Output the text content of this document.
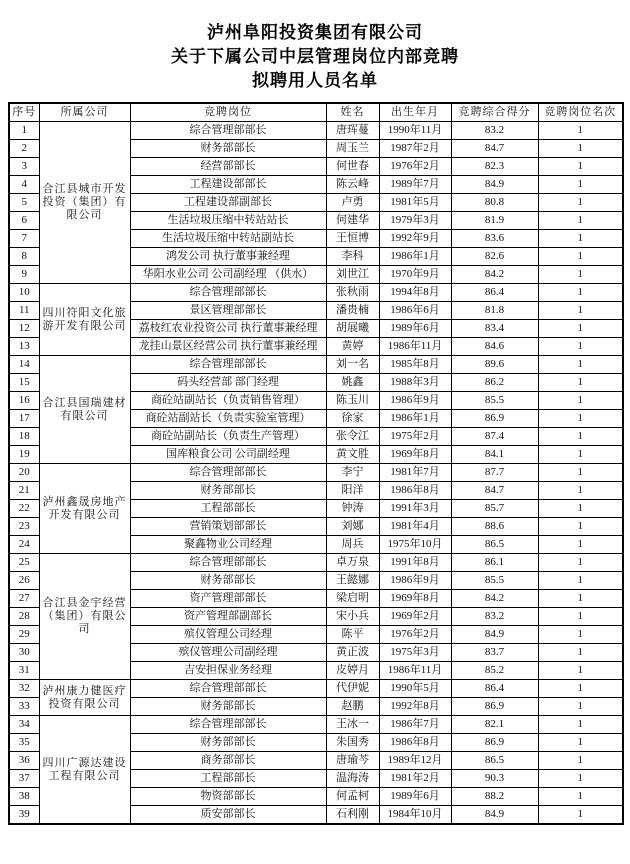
泸州阜阳投资集团有限公司
关于下属公司中层管理岗位内部竞聘
拟聘用人员名单
序号	所属公司	竞聘岗位	姓名	出生年月	竞聘综合得分	竞聘岗位名次
1	合江县城市开发投资（集团）有限公司	综合管理部部长	唐珲蔓	1990年11月	83.2	1
2		财务部部长	周玉兰	1987年2月	84.7	1
3		经营部部长	何世春	1976年2月	82.3	1
4		工程建设部部长	陈云峰	1989年7月	84.9	1
5		工程建设部副部长	卢勇	1981年5月	80.8	1
6		生活垃圾压缩中转站站长	何建华	1979年3月	81.9	1
7		生活垃圾压缩中转站副站长	王恒博	1992年9月	83.6	1
8		鸿发公司 执行董事兼经理	李科	1986年1月	82.6	1
9		华阳水业公司 公司副经理 （供水）	刘世江	1970年9月	84.2	1
10	四川符阳文化旅游开发有限公司	综合管理部部长	张秋雨	1994年8月	86.4	1
11		景区管理部部长	潘贵楠	1986年6月	81.8	1
12		荔枝红农业投资公司 执行董事兼经理	胡展曦	1989年6月	83.4	1
13		龙挂山景区经营公司 执行董事兼经理	黄婷	1986年11月	84.6	1
14	合江县国瑞建材有限公司	综合管理部部长	刘一名	1985年8月	89.6	1
15		码头经营部 部门经理	姚鑫	1988年3月	86.2	1
16		商砼站副站长（负责销售管理）	陈玉川	1986年9月	85.5	1
17		商砼站副站长（负责实验室管理）	徐家	1986年1月	86.9	1
18		商砼站副站长（负责生产管理）	张令江	1975年2月	87.4	1
19		国库粮食公司 公司副经理	黄文胜	1969年8月	84.1	1
20	泸州鑫晟房地产开发有限公司	综合管理部部长	李宁	1981年7月	87.7	1
21		财务部部长	阳洋	1986年8月	84.7	1
22		工程部部长	钟涛	1991年3月	85.7	1
23		营销策划部部长	刘娜	1981年4月	88.6	1
24		聚鑫物业公司经理	周兵	1975年10月	86.5	1
25	合江县金宇经营（集团）有限公司	综合管理部部长	卓万泉	1991年8月	86.1	1
26		财务部部长	王懿娜	1986年9月	85.5	1
27		资产管理部部长	梁启明	1969年8月	84.2	1
28		资产管理部副部长	宋小兵	1969年2月	83.2	1
29		殡仪管理公司经理	陈平	1976年2月	84.9	1
30		殡仪管理公司副经理	黄正波	1975年3月	83.7	1
31		吉安担保业务经理	皮婷月	1986年11月	85.2	1
32	泸州康力健医疗投资有限公司	综合管理部部长	代伊妮	1990年5月	86.4	1
33		财务部部长	赵鹏	1992年8月	86.9	1
34	四川广源达建设工程有限公司	综合管理部部长	王冰一	1986年7月	82.1	1
35		财务部部长	朱国秀	1986年8月	86.9	1
36		商务部部长	唐瑜芩	1989年12月	86.5	1
37		工程部部长	温海涛	1981年2月	90.3	1
38		物资部部长	何孟柯	1989年6月	88.2	1
39		质安部部长	石利刚	1984年10月	84.9	1
